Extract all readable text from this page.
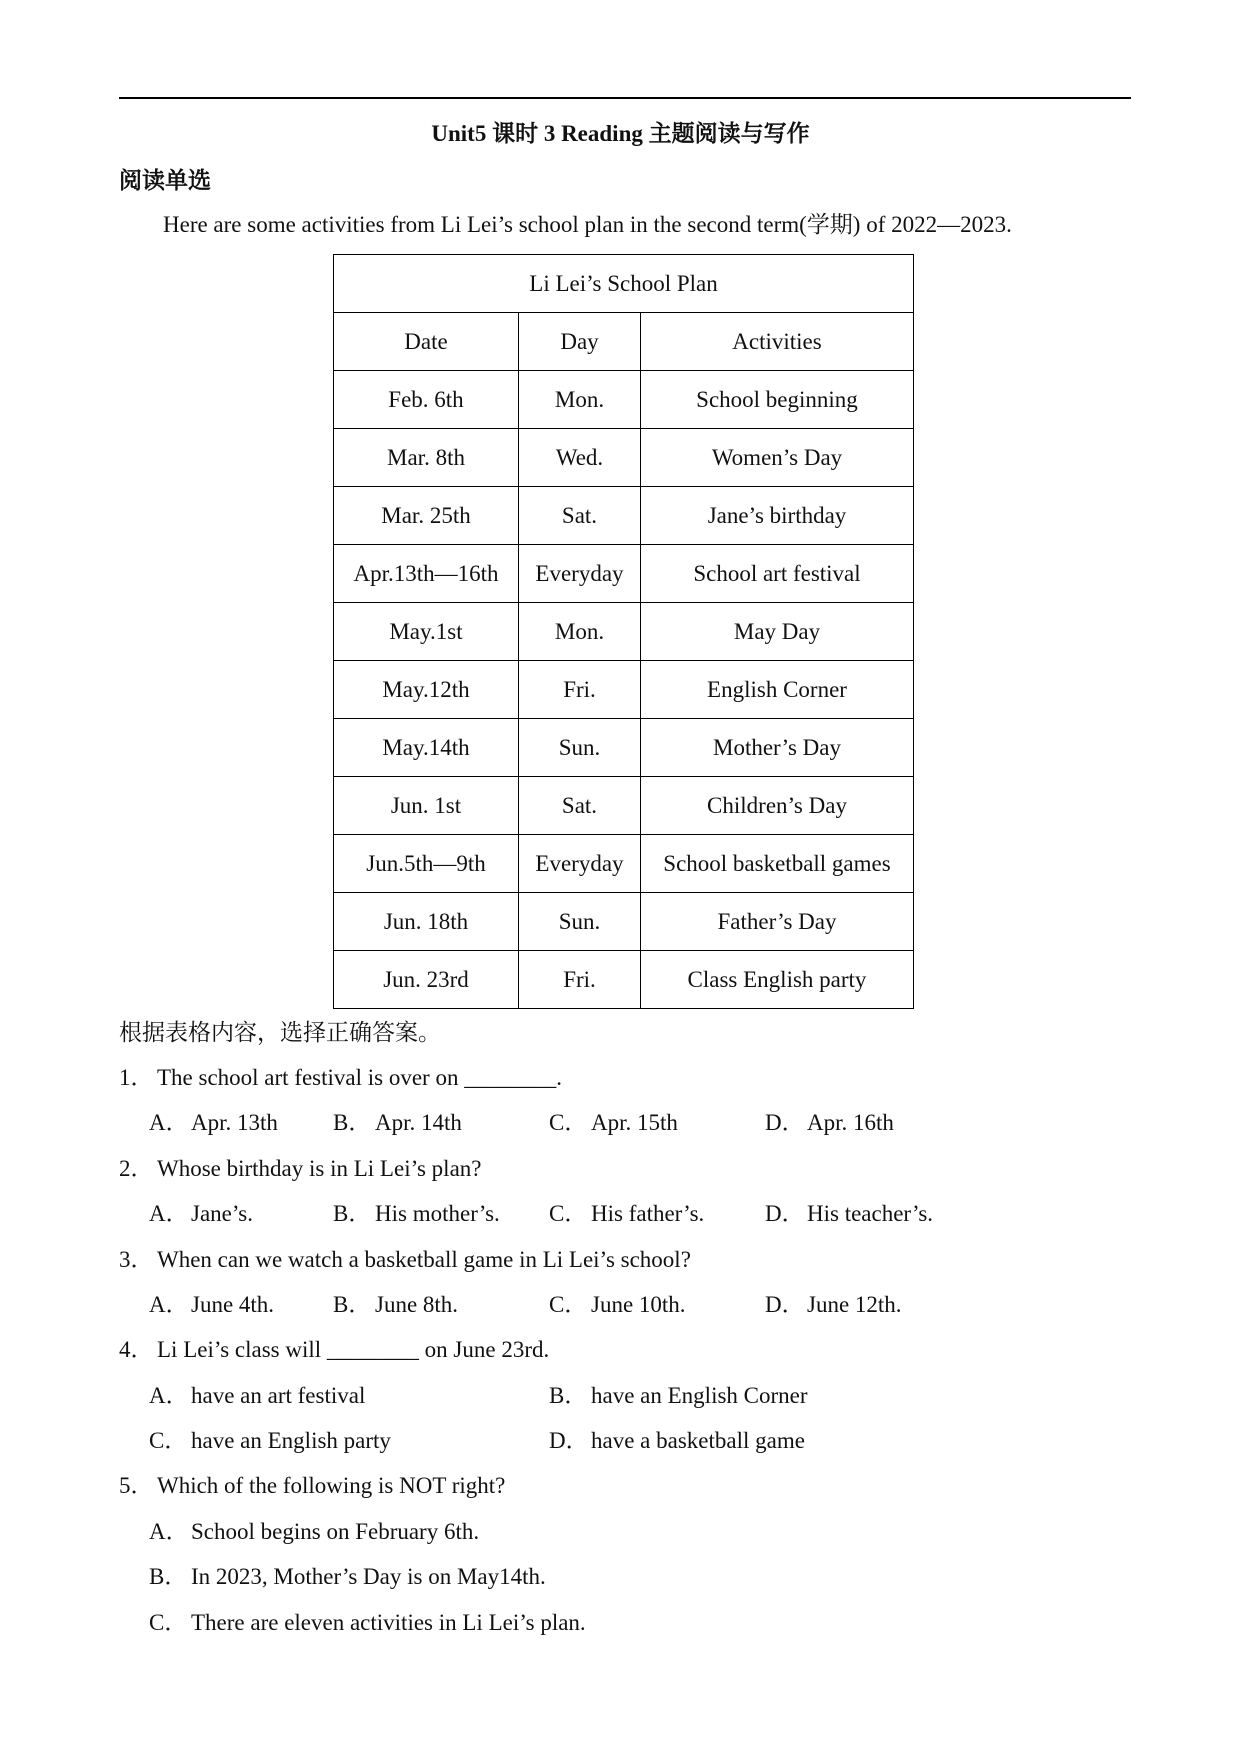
Unit5 课时 3 Reading 主题阅读与写作
阅读单选
Here are some activities from Li Lei’s school plan in the second term(学期) of 2022—2023.
Li Lei’s School Plan		
Date	Day	Activities
Feb. 6th	Mon.	School beginning
Mar. 8th	Wed.	Women’s Day
Mar. 25th	Sat.	Jane’s birthday
Apr.13th—16th	Everyday	School art festival
May.1st	Mon.	May Day
May.12th	Fri.	English Corner
May.14th	Sun.	Mother’s Day
Jun. 1st	Sat.	Children’s Day
Jun.5th—9th	Everyday	School basketball games
Jun. 18th	Sun.	Father’s Day
Jun. 23rd	Fri.	Class English party
根据表格内容，选择正确答案。
1． The school art festival is over on ________.
A． Apr. 13th B． Apr. 14th	C． Apr. 15th	D． Apr. 16th
2． Whose birthday is in Li Lei’s plan?
A． Jane’s.	B． His mother’s. C． His father’s.	D． His teacher’s.
3． When can we watch a basketball game in Li Lei’s school?
A． June 4th.	B． June 8th.	C． June 10th.	D． June 12th.
4． Li Lei’s class will ________ on June 23rd.
A． have an art festival	B． have an English Corner
C． have an English party	D． have a basketball game
5． Which of the following is NOT right?
A． School begins on February 6th.
B． In 2023, Mother’s Day is on May14th.
C． There are eleven activities in Li Lei’s plan.
